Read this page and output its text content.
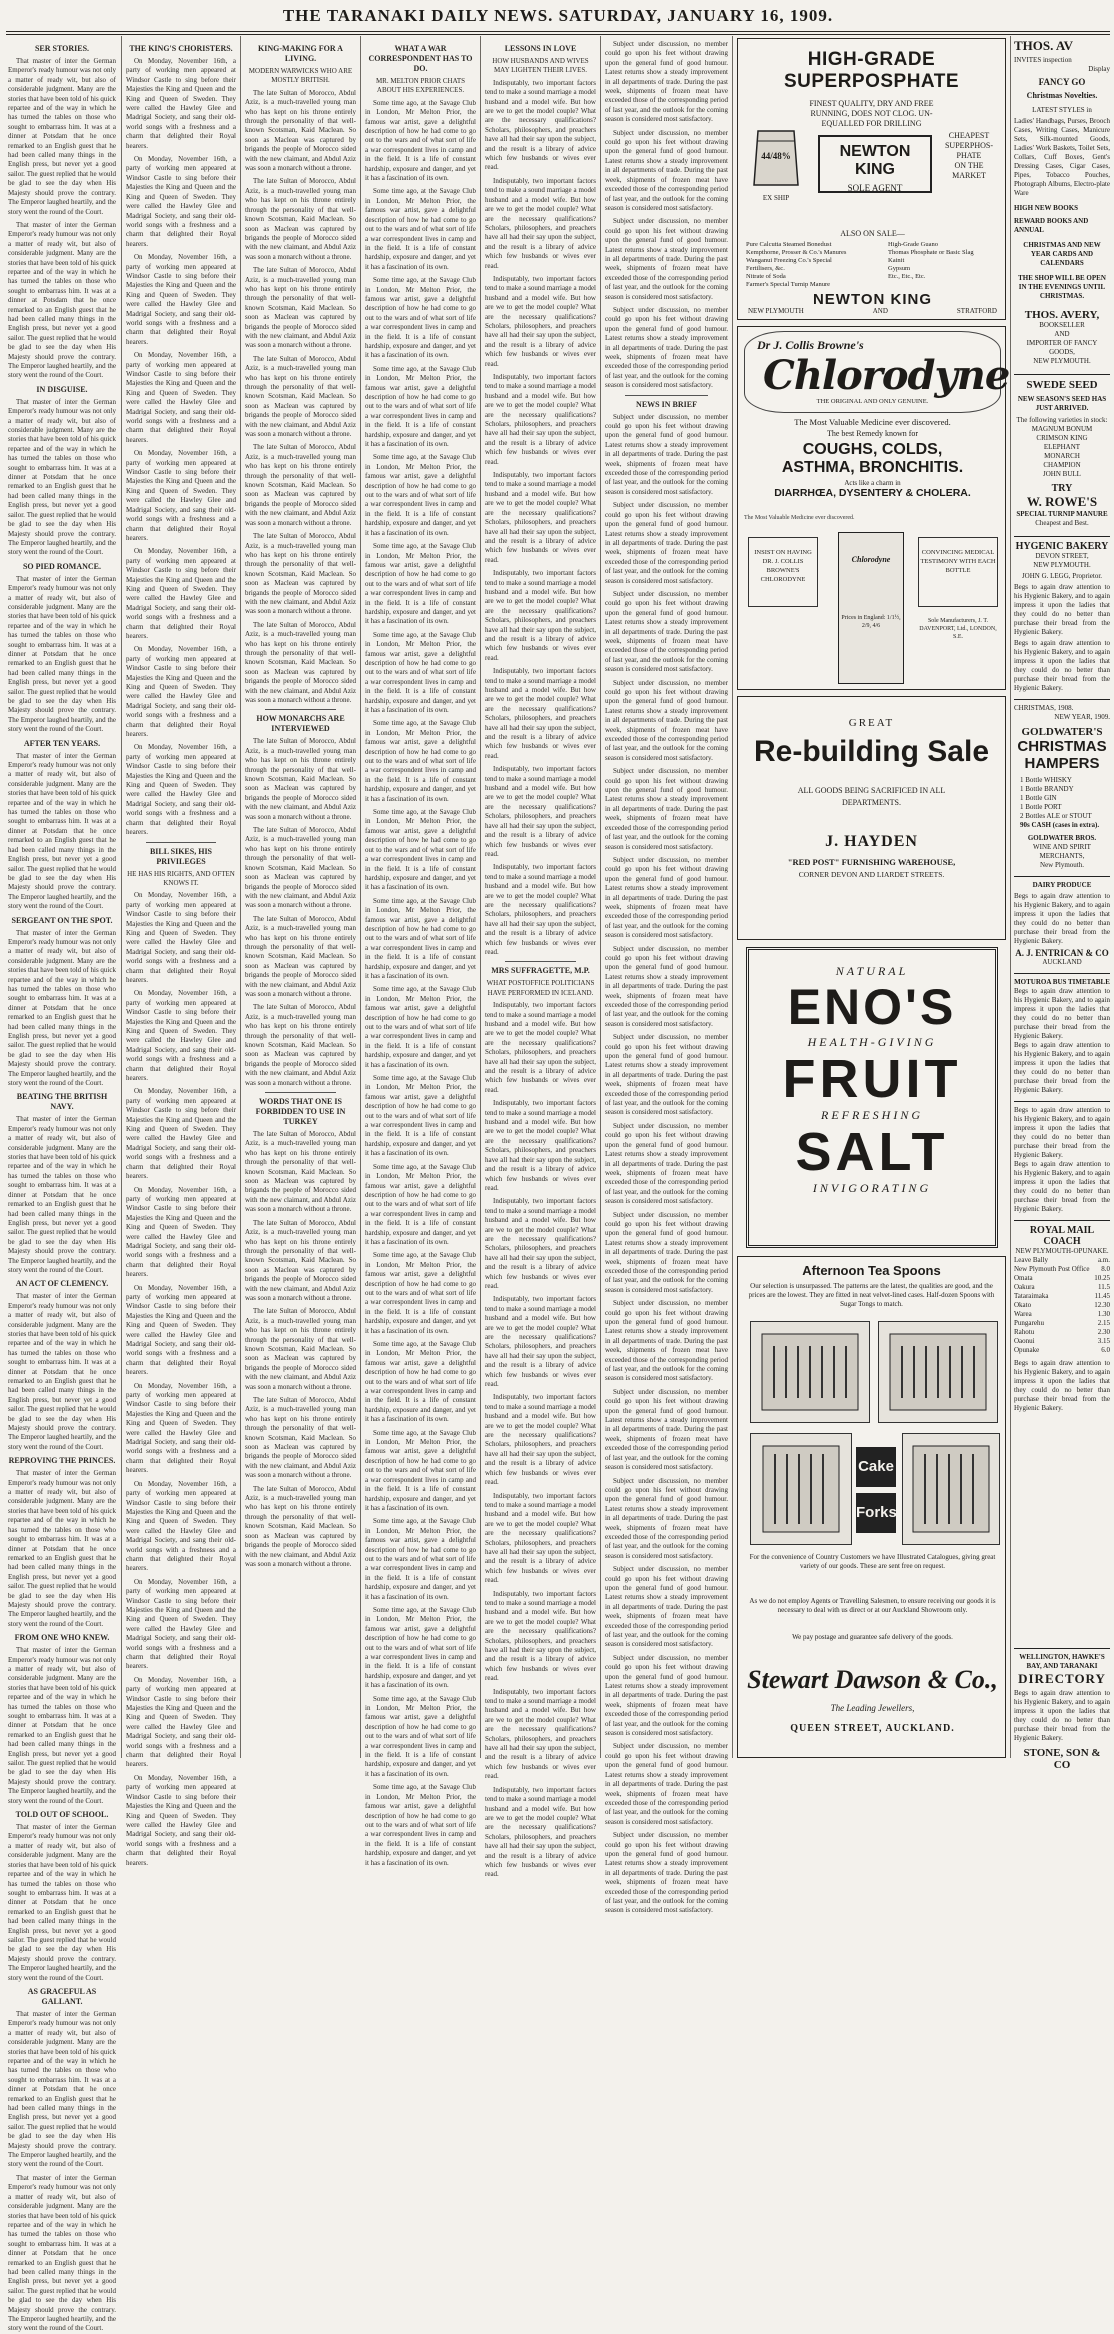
THE TARANAKI DAILY NEWS. SATURDAY, JANUARY 16, 1909.
SER STORIES.

That master of inter the German Emperor's ready humour was not only a matter of ready wit, but also of considerable judgment. Many are the stories that have been told of his quick repartee and of the way in which he has turned the tables on those who sought to embarrass him. It was at a dinner at Potsdam that he once remarked to an English guest that he had been called many things in the English press, but never yet a good sailor. The guest replied that he would be glad to see the day when His Majesty should prove the contrary. The Emperor laughed heartily, and the story went the round of the Court.

That master of inter the German Emperor's ready humour was not only a matter of ready wit, but also of considerable judgment. Many are the stories that have been told of his quick repartee and of the way in which he has turned the tables on those who sought to embarrass him. It was at a dinner at Potsdam that he once remarked to an English guest that he had been called many things in the English press, but never yet a good sailor. The guest replied that he would be glad to see the day when His Majesty should prove the contrary. The Emperor laughed heartily, and the story went the round of the Court.

IN DISGUISE.

That master of inter the German Emperor's ready humour was not only a matter of ready wit, but also of considerable judgment. Many are the stories that have been told of his quick repartee and of the way in which he has turned the tables on those who sought to embarrass him. It was at a dinner at Potsdam that he once remarked to an English guest that he had been called many things in the English press, but never yet a good sailor. The guest replied that he would be glad to see the day when His Majesty should prove the contrary. The Emperor laughed heartily, and the story went the round of the Court.

SO PIED ROMANCE.

That master of inter the German Emperor's ready humour was not only a matter of ready wit, but also of considerable judgment. Many are the stories that have been told of his quick repartee and of the way in which he has turned the tables on those who sought to embarrass him. It was at a dinner at Potsdam that he once remarked to an English guest that he had been called many things in the English press, but never yet a good sailor. The guest replied that he would be glad to see the day when His Majesty should prove the contrary. The Emperor laughed heartily, and the story went the round of the Court.

AFTER TEN YEARS.

That master of inter the German Emperor's ready humour was not only a matter of ready wit, but also of considerable judgment. Many are the stories that have been told of his quick repartee and of the way in which he has turned the tables on those who sought to embarrass him. It was at a dinner at Potsdam that he once remarked to an English guest that he had been called many things in the English press, but never yet a good sailor. The guest replied that he would be glad to see the day when His Majesty should prove the contrary. The Emperor laughed heartily, and the story went the round of the Court.

SERGEANT ON THE SPOT.

That master of inter the German Emperor's ready humour was not only a matter of ready wit, but also of considerable judgment. Many are the stories that have been told of his quick repartee and of the way in which he has turned the tables on those who sought to embarrass him. It was at a dinner at Potsdam that he once remarked to an English guest that he had been called many things in the English press, but never yet a good sailor. The guest replied that he would be glad to see the day when His Majesty should prove the contrary. The Emperor laughed heartily, and the story went the round of the Court.

BEATING THE BRITISH NAVY.

That master of inter the German Emperor's ready humour was not only a matter of ready wit, but also of considerable judgment. Many are the stories that have been told of his quick repartee and of the way in which he has turned the tables on those who sought to embarrass him. It was at a dinner at Potsdam that he once remarked to an English guest that he had been called many things in the English press, but never yet a good sailor. The guest replied that he would be glad to see the day when His Majesty should prove the contrary. The Emperor laughed heartily, and the story went the round of the Court.

AN ACT OF CLEMENCY.

That master of inter the German Emperor's ready humour was not only a matter of ready wit, but also of considerable judgment. Many are the stories that have been told of his quick repartee and of the way in which he has turned the tables on those who sought to embarrass him. It was at a dinner at Potsdam that he once remarked to an English guest that he had been called many things in the English press, but never yet a good sailor. The guest replied that he would be glad to see the day when His Majesty should prove the contrary. The Emperor laughed heartily, and the story went the round of the Court.

REPROVING THE PRINCES.

That master of inter the German Emperor's ready humour was not only a matter of ready wit, but also of considerable judgment. Many are the stories that have been told of his quick repartee and of the way in which he has turned the tables on those who sought to embarrass him. It was at a dinner at Potsdam that he once remarked to an English guest that he had been called many things in the English press, but never yet a good sailor. The guest replied that he would be glad to see the day when His Majesty should prove the contrary. The Emperor laughed heartily, and the story went the round of the Court.

FROM ONE WHO KNEW.

That master of inter the German Emperor's ready humour was not only a matter of ready wit, but also of considerable judgment. Many are the stories that have been told of his quick repartee and of the way in which he has turned the tables on those who sought to embarrass him. It was at a dinner at Potsdam that he once remarked to an English guest that he had been called many things in the English press, but never yet a good sailor. The guest replied that he would be glad to see the day when His Majesty should prove the contrary. The Emperor laughed heartily, and the story went the round of the Court.

TOLD OUT OF SCHOOL.

That master of inter the German Emperor's ready humour was not only a matter of ready wit, but also of considerable judgment. Many are the stories that have been told of his quick repartee and of the way in which he has turned the tables on those who sought to embarrass him. It was at a dinner at Potsdam that he once remarked to an English guest that he had been called many things in the English press, but never yet a good sailor. The guest replied that he would be glad to see the day when His Majesty should prove the contrary. The Emperor laughed heartily, and the story went the round of the Court.

AS GRACEFUL AS GALLANT.

That master of inter the German Emperor's ready humour was not only a matter of ready wit, but also of considerable judgment. Many are the stories that have been told of his quick repartee and of the way in which he has turned the tables on those who sought to embarrass him. It was at a dinner at Potsdam that he once remarked to an English guest that he had been called many things in the English press, but never yet a good sailor. The guest replied that he would be glad to see the day when His Majesty should prove the contrary. The Emperor laughed heartily, and the story went the round of the Court.

That master of inter the German Emperor's ready humour was not only a matter of ready wit, but also of considerable judgment. Many are the stories that have been told of his quick repartee and of the way in which he has turned the tables on those who sought to embarrass him. It was at a dinner at Potsdam that he once remarked to an English guest that he had been called many things in the English press, but never yet a good sailor. The guest replied that he would be glad to see the day when His Majesty should prove the contrary. The Emperor laughed heartily, and the story went the round of the Court.

THE KING'S CHORISTERS.

On Monday, November 16th, a party of working men appeared at Windsor Castle to sing before their Majesties the King and Queen and the King and Queen of Sweden. They were called the Hawley Glee and Madrigal Society, and sang their old-world songs with a freshness and a charm that delighted their Royal hearers.

On Monday, November 16th, a party of working men appeared at Windsor Castle to sing before their Majesties the King and Queen and the King and Queen of Sweden. They were called the Hawley Glee and Madrigal Society, and sang their old-world songs with a freshness and a charm that delighted their Royal hearers.

On Monday, November 16th, a party of working men appeared at Windsor Castle to sing before their Majesties the King and Queen and the King and Queen of Sweden. They were called the Hawley Glee and Madrigal Society, and sang their old-world songs with a freshness and a charm that delighted their Royal hearers.

On Monday, November 16th, a party of working men appeared at Windsor Castle to sing before their Majesties the King and Queen and the King and Queen of Sweden. They were called the Hawley Glee and Madrigal Society, and sang their old-world songs with a freshness and a charm that delighted their Royal hearers.

On Monday, November 16th, a party of working men appeared at Windsor Castle to sing before their Majesties the King and Queen and the King and Queen of Sweden. They were called the Hawley Glee and Madrigal Society, and sang their old-world songs with a freshness and a charm that delighted their Royal hearers.

On Monday, November 16th, a party of working men appeared at Windsor Castle to sing before their Majesties the King and Queen and the King and Queen of Sweden. They were called the Hawley Glee and Madrigal Society, and sang their old-world songs with a freshness and a charm that delighted their Royal hearers.

On Monday, November 16th, a party of working men appeared at Windsor Castle to sing before their Majesties the King and Queen and the King and Queen of Sweden. They were called the Hawley Glee and Madrigal Society, and sang their old-world songs with a freshness and a charm that delighted their Royal hearers.

On Monday, November 16th, a party of working men appeared at Windsor Castle to sing before their Majesties the King and Queen and the King and Queen of Sweden. They were called the Hawley Glee and Madrigal Society, and sang their old-world songs with a freshness and a charm that delighted their Royal hearers.

BILL SIKES, HIS PRIVILEGES
HE HAS HIS RIGHTS, AND OFTEN KNOWS IT.

On Monday, November 16th, a party of working men appeared at Windsor Castle to sing before their Majesties the King and Queen and the King and Queen of Sweden. They were called the Hawley Glee and Madrigal Society, and sang their old-world songs with a freshness and a charm that delighted their Royal hearers.

On Monday, November 16th, a party of working men appeared at Windsor Castle to sing before their Majesties the King and Queen and the King and Queen of Sweden. They were called the Hawley Glee and Madrigal Society, and sang their old-world songs with a freshness and a charm that delighted their Royal hearers.

On Monday, November 16th, a party of working men appeared at Windsor Castle to sing before their Majesties the King and Queen and the King and Queen of Sweden. They were called the Hawley Glee and Madrigal Society, and sang their old-world songs with a freshness and a charm that delighted their Royal hearers.

On Monday, November 16th, a party of working men appeared at Windsor Castle to sing before their Majesties the King and Queen and the King and Queen of Sweden. They were called the Hawley Glee and Madrigal Society, and sang their old-world songs with a freshness and a charm that delighted their Royal hearers.

On Monday, November 16th, a party of working men appeared at Windsor Castle to sing before their Majesties the King and Queen and the King and Queen of Sweden. They were called the Hawley Glee and Madrigal Society, and sang their old-world songs with a freshness and a charm that delighted their Royal hearers.

On Monday, November 16th, a party of working men appeared at Windsor Castle to sing before their Majesties the King and Queen and the King and Queen of Sweden. They were called the Hawley Glee and Madrigal Society, and sang their old-world songs with a freshness and a charm that delighted their Royal hearers.

On Monday, November 16th, a party of working men appeared at Windsor Castle to sing before their Majesties the King and Queen and the King and Queen of Sweden. They were called the Hawley Glee and Madrigal Society, and sang their old-world songs with a freshness and a charm that delighted their Royal hearers.

On Monday, November 16th, a party of working men appeared at Windsor Castle to sing before their Majesties the King and Queen and the King and Queen of Sweden. They were called the Hawley Glee and Madrigal Society, and sang their old-world songs with a freshness and a charm that delighted their Royal hearers.

On Monday, November 16th, a party of working men appeared at Windsor Castle to sing before their Majesties the King and Queen and the King and Queen of Sweden. They were called the Hawley Glee and Madrigal Society, and sang their old-world songs with a freshness and a charm that delighted their Royal hearers.

On Monday, November 16th, a party of working men appeared at Windsor Castle to sing before their Majesties the King and Queen and the King and Queen of Sweden. They were called the Hawley Glee and Madrigal Society, and sang their old-world songs with a freshness and a charm that delighted their Royal hearers.

KING-MAKING FOR A LIVING.
MODERN WARWICKS WHO ARE MOSTLY BRITISH.

The late Sultan of Morocco, Abdul Aziz, is a much-travelled young man who has kept on his throne entirely through the personality of that well-known Scotsman, Kaid Maclean. So soon as Maclean was captured by brigands the people of Morocco sided with the new claimant, and Abdul Aziz was soon a monarch without a throne.

The late Sultan of Morocco, Abdul Aziz, is a much-travelled young man who has kept on his throne entirely through the personality of that well-known Scotsman, Kaid Maclean. So soon as Maclean was captured by brigands the people of Morocco sided with the new claimant, and Abdul Aziz was soon a monarch without a throne.

The late Sultan of Morocco, Abdul Aziz, is a much-travelled young man who has kept on his throne entirely through the personality of that well-known Scotsman, Kaid Maclean. So soon as Maclean was captured by brigands the people of Morocco sided with the new claimant, and Abdul Aziz was soon a monarch without a throne.

The late Sultan of Morocco, Abdul Aziz, is a much-travelled young man who has kept on his throne entirely through the personality of that well-known Scotsman, Kaid Maclean. So soon as Maclean was captured by brigands the people of Morocco sided with the new claimant, and Abdul Aziz was soon a monarch without a throne.

The late Sultan of Morocco, Abdul Aziz, is a much-travelled young man who has kept on his throne entirely through the personality of that well-known Scotsman, Kaid Maclean. So soon as Maclean was captured by brigands the people of Morocco sided with the new claimant, and Abdul Aziz was soon a monarch without a throne.

The late Sultan of Morocco, Abdul Aziz, is a much-travelled young man who has kept on his throne entirely through the personality of that well-known Scotsman, Kaid Maclean. So soon as Maclean was captured by brigands the people of Morocco sided with the new claimant, and Abdul Aziz was soon a monarch without a throne.

The late Sultan of Morocco, Abdul Aziz, is a much-travelled young man who has kept on his throne entirely through the personality of that well-known Scotsman, Kaid Maclean. So soon as Maclean was captured by brigands the people of Morocco sided with the new claimant, and Abdul Aziz was soon a monarch without a throne.

HOW MONARCHS ARE INTERVIEWED

The late Sultan of Morocco, Abdul Aziz, is a much-travelled young man who has kept on his throne entirely through the personality of that well-known Scotsman, Kaid Maclean. So soon as Maclean was captured by brigands the people of Morocco sided with the new claimant, and Abdul Aziz was soon a monarch without a throne.

The late Sultan of Morocco, Abdul Aziz, is a much-travelled young man who has kept on his throne entirely through the personality of that well-known Scotsman, Kaid Maclean. So soon as Maclean was captured by brigands the people of Morocco sided with the new claimant, and Abdul Aziz was soon a monarch without a throne.

The late Sultan of Morocco, Abdul Aziz, is a much-travelled young man who has kept on his throne entirely through the personality of that well-known Scotsman, Kaid Maclean. So soon as Maclean was captured by brigands the people of Morocco sided with the new claimant, and Abdul Aziz was soon a monarch without a throne.

The late Sultan of Morocco, Abdul Aziz, is a much-travelled young man who has kept on his throne entirely through the personality of that well-known Scotsman, Kaid Maclean. So soon as Maclean was captured by brigands the people of Morocco sided with the new claimant, and Abdul Aziz was soon a monarch without a throne.

WORDS THAT ONE IS FORBIDDEN TO USE IN TURKEY

The late Sultan of Morocco, Abdul Aziz, is a much-travelled young man who has kept on his throne entirely through the personality of that well-known Scotsman, Kaid Maclean. So soon as Maclean was captured by brigands the people of Morocco sided with the new claimant, and Abdul Aziz was soon a monarch without a throne.

The late Sultan of Morocco, Abdul Aziz, is a much-travelled young man who has kept on his throne entirely through the personality of that well-known Scotsman, Kaid Maclean. So soon as Maclean was captured by brigands the people of Morocco sided with the new claimant, and Abdul Aziz was soon a monarch without a throne.

The late Sultan of Morocco, Abdul Aziz, is a much-travelled young man who has kept on his throne entirely through the personality of that well-known Scotsman, Kaid Maclean. So soon as Maclean was captured by brigands the people of Morocco sided with the new claimant, and Abdul Aziz was soon a monarch without a throne.

The late Sultan of Morocco, Abdul Aziz, is a much-travelled young man who has kept on his throne entirely through the personality of that well-known Scotsman, Kaid Maclean. So soon as Maclean was captured by brigands the people of Morocco sided with the new claimant, and Abdul Aziz was soon a monarch without a throne.

The late Sultan of Morocco, Abdul Aziz, is a much-travelled young man who has kept on his throne entirely through the personality of that well-known Scotsman, Kaid Maclean. So soon as Maclean was captured by brigands the people of Morocco sided with the new claimant, and Abdul Aziz was soon a monarch without a throne.

WHAT A WAR CORRESPONDENT HAS TO DO.
MR. MELTON PRIOR CHATS ABOUT HIS EXPERIENCES.

Some time ago, at the Savage Club in London, Mr Melton Prior, the famous war artist, gave a delightful description of how he had come to go out to the wars and of what sort of life a war correspondent lives in camp and in the field. It is a life of constant hardship, exposure and danger, and yet it has a fascination of its own.

Some time ago, at the Savage Club in London, Mr Melton Prior, the famous war artist, gave a delightful description of how he had come to go out to the wars and of what sort of life a war correspondent lives in camp and in the field. It is a life of constant hardship, exposure and danger, and yet it has a fascination of its own.

Some time ago, at the Savage Club in London, Mr Melton Prior, the famous war artist, gave a delightful description of how he had come to go out to the wars and of what sort of life a war correspondent lives in camp and in the field. It is a life of constant hardship, exposure and danger, and yet it has a fascination of its own.

Some time ago, at the Savage Club in London, Mr Melton Prior, the famous war artist, gave a delightful description of how he had come to go out to the wars and of what sort of life a war correspondent lives in camp and in the field. It is a life of constant hardship, exposure and danger, and yet it has a fascination of its own.

Some time ago, at the Savage Club in London, Mr Melton Prior, the famous war artist, gave a delightful description of how he had come to go out to the wars and of what sort of life a war correspondent lives in camp and in the field. It is a life of constant hardship, exposure and danger, and yet it has a fascination of its own.

Some time ago, at the Savage Club in London, Mr Melton Prior, the famous war artist, gave a delightful description of how he had come to go out to the wars and of what sort of life a war correspondent lives in camp and in the field. It is a life of constant hardship, exposure and danger, and yet it has a fascination of its own.

Some time ago, at the Savage Club in London, Mr Melton Prior, the famous war artist, gave a delightful description of how he had come to go out to the wars and of what sort of life a war correspondent lives in camp and in the field. It is a life of constant hardship, exposure and danger, and yet it has a fascination of its own.

Some time ago, at the Savage Club in London, Mr Melton Prior, the famous war artist, gave a delightful description of how he had come to go out to the wars and of what sort of life a war correspondent lives in camp and in the field. It is a life of constant hardship, exposure and danger, and yet it has a fascination of its own.

Some time ago, at the Savage Club in London, Mr Melton Prior, the famous war artist, gave a delightful description of how he had come to go out to the wars and of what sort of life a war correspondent lives in camp and in the field. It is a life of constant hardship, exposure and danger, and yet it has a fascination of its own.

Some time ago, at the Savage Club in London, Mr Melton Prior, the famous war artist, gave a delightful description of how he had come to go out to the wars and of what sort of life a war correspondent lives in camp and in the field. It is a life of constant hardship, exposure and danger, and yet it has a fascination of its own.

Some time ago, at the Savage Club in London, Mr Melton Prior, the famous war artist, gave a delightful description of how he had come to go out to the wars and of what sort of life a war correspondent lives in camp and in the field. It is a life of constant hardship, exposure and danger, and yet it has a fascination of its own.

Some time ago, at the Savage Club in London, Mr Melton Prior, the famous war artist, gave a delightful description of how he had come to go out to the wars and of what sort of life a war correspondent lives in camp and in the field. It is a life of constant hardship, exposure and danger, and yet it has a fascination of its own.

Some time ago, at the Savage Club in London, Mr Melton Prior, the famous war artist, gave a delightful description of how he had come to go out to the wars and of what sort of life a war correspondent lives in camp and in the field. It is a life of constant hardship, exposure and danger, and yet it has a fascination of its own.

Some time ago, at the Savage Club in London, Mr Melton Prior, the famous war artist, gave a delightful description of how he had come to go out to the wars and of what sort of life a war correspondent lives in camp and in the field. It is a life of constant hardship, exposure and danger, and yet it has a fascination of its own.

Some time ago, at the Savage Club in London, Mr Melton Prior, the famous war artist, gave a delightful description of how he had come to go out to the wars and of what sort of life a war correspondent lives in camp and in the field. It is a life of constant hardship, exposure and danger, and yet it has a fascination of its own.

Some time ago, at the Savage Club in London, Mr Melton Prior, the famous war artist, gave a delightful description of how he had come to go out to the wars and of what sort of life a war correspondent lives in camp and in the field. It is a life of constant hardship, exposure and danger, and yet it has a fascination of its own.

Some time ago, at the Savage Club in London, Mr Melton Prior, the famous war artist, gave a delightful description of how he had come to go out to the wars and of what sort of life a war correspondent lives in camp and in the field. It is a life of constant hardship, exposure and danger, and yet it has a fascination of its own.

Some time ago, at the Savage Club in London, Mr Melton Prior, the famous war artist, gave a delightful description of how he had come to go out to the wars and of what sort of life a war correspondent lives in camp and in the field. It is a life of constant hardship, exposure and danger, and yet it has a fascination of its own.

Some time ago, at the Savage Club in London, Mr Melton Prior, the famous war artist, gave a delightful description of how he had come to go out to the wars and of what sort of life a war correspondent lives in camp and in the field. It is a life of constant hardship, exposure and danger, and yet it has a fascination of its own.

Some time ago, at the Savage Club in London, Mr Melton Prior, the famous war artist, gave a delightful description of how he had come to go out to the wars and of what sort of life a war correspondent lives in camp and in the field. It is a life of constant hardship, exposure and danger, and yet it has a fascination of its own.

LESSONS IN LOVE
HOW HUSBANDS AND WIVES MAY LIGHTEN THEIR LIVES.

Indisputably, two important factors tend to make a sound marriage a model husband and a model wife. But how are we to get the model couple? What are the necessary qualifications? Scholars, philosophers, and preachers have all had their say upon the subject, and the result is a library of advice which few husbands or wives ever read.

Indisputably, two important factors tend to make a sound marriage a model husband and a model wife. But how are we to get the model couple? What are the necessary qualifications? Scholars, philosophers, and preachers have all had their say upon the subject, and the result is a library of advice which few husbands or wives ever read.

Indisputably, two important factors tend to make a sound marriage a model husband and a model wife. But how are we to get the model couple? What are the necessary qualifications? Scholars, philosophers, and preachers have all had their say upon the subject, and the result is a library of advice which few husbands or wives ever read.

Indisputably, two important factors tend to make a sound marriage a model husband and a model wife. But how are we to get the model couple? What are the necessary qualifications? Scholars, philosophers, and preachers have all had their say upon the subject, and the result is a library of advice which few husbands or wives ever read.

Indisputably, two important factors tend to make a sound marriage a model husband and a model wife. But how are we to get the model couple? What are the necessary qualifications? Scholars, philosophers, and preachers have all had their say upon the subject, and the result is a library of advice which few husbands or wives ever read.

Indisputably, two important factors tend to make a sound marriage a model husband and a model wife. But how are we to get the model couple? What are the necessary qualifications? Scholars, philosophers, and preachers have all had their say upon the subject, and the result is a library of advice which few husbands or wives ever read.

Indisputably, two important factors tend to make a sound marriage a model husband and a model wife. But how are we to get the model couple? What are the necessary qualifications? Scholars, philosophers, and preachers have all had their say upon the subject, and the result is a library of advice which few husbands or wives ever read.

Indisputably, two important factors tend to make a sound marriage a model husband and a model wife. But how are we to get the model couple? What are the necessary qualifications? Scholars, philosophers, and preachers have all had their say upon the subject, and the result is a library of advice which few husbands or wives ever read.

Indisputably, two important factors tend to make a sound marriage a model husband and a model wife. But how are we to get the model couple? What are the necessary qualifications? Scholars, philosophers, and preachers have all had their say upon the subject, and the result is a library of advice which few husbands or wives ever read.

MRS SUFFRAGETTE, M.P.
WHAT POSTOFFICE POLITICIANS HAVE PERFORMED IN ICELAND.

Indisputably, two important factors tend to make a sound marriage a model husband and a model wife. But how are we to get the model couple? What are the necessary qualifications? Scholars, philosophers, and preachers have all had their say upon the subject, and the result is a library of advice which few husbands or wives ever read.

Indisputably, two important factors tend to make a sound marriage a model husband and a model wife. But how are we to get the model couple? What are the necessary qualifications? Scholars, philosophers, and preachers have all had their say upon the subject, and the result is a library of advice which few husbands or wives ever read.

Indisputably, two important factors tend to make a sound marriage a model husband and a model wife. But how are we to get the model couple? What are the necessary qualifications? Scholars, philosophers, and preachers have all had their say upon the subject, and the result is a library of advice which few husbands or wives ever read.

Indisputably, two important factors tend to make a sound marriage a model husband and a model wife. But how are we to get the model couple? What are the necessary qualifications? Scholars, philosophers, and preachers have all had their say upon the subject, and the result is a library of advice which few husbands or wives ever read.

Indisputably, two important factors tend to make a sound marriage a model husband and a model wife. But how are we to get the model couple? What are the necessary qualifications? Scholars, philosophers, and preachers have all had their say upon the subject, and the result is a library of advice which few husbands or wives ever read.

Indisputably, two important factors tend to make a sound marriage a model husband and a model wife. But how are we to get the model couple? What are the necessary qualifications? Scholars, philosophers, and preachers have all had their say upon the subject, and the result is a library of advice which few husbands or wives ever read.

Indisputably, two important factors tend to make a sound marriage a model husband and a model wife. But how are we to get the model couple? What are the necessary qualifications? Scholars, philosophers, and preachers have all had their say upon the subject, and the result is a library of advice which few husbands or wives ever read.

Indisputably, two important factors tend to make a sound marriage a model husband and a model wife. But how are we to get the model couple? What are the necessary qualifications? Scholars, philosophers, and preachers have all had their say upon the subject, and the result is a library of advice which few husbands or wives ever read.

Indisputably, two important factors tend to make a sound marriage a model husband and a model wife. But how are we to get the model couple? What are the necessary qualifications? Scholars, philosophers, and preachers have all had their say upon the subject, and the result is a library of advice which few husbands or wives ever read.

Subject under discussion, no member could go upon his feet without drawing upon the general fund of good humour. Latest returns show a steady improvement in all departments of trade. During the past week, shipments of frozen meat have exceeded those of the corresponding period of last year, and the outlook for the coming season is considered most satisfactory.

Subject under discussion, no member could go upon his feet without drawing upon the general fund of good humour. Latest returns show a steady improvement in all departments of trade. During the past week, shipments of frozen meat have exceeded those of the corresponding period of last year, and the outlook for the coming season is considered most satisfactory.

Subject under discussion, no member could go upon his feet without drawing upon the general fund of good humour. Latest returns show a steady improvement in all departments of trade. During the past week, shipments of frozen meat have exceeded those of the corresponding period of last year, and the outlook for the coming season is considered most satisfactory.

Subject under discussion, no member could go upon his feet without drawing upon the general fund of good humour. Latest returns show a steady improvement in all departments of trade. During the past week, shipments of frozen meat have exceeded those of the corresponding period of last year, and the outlook for the coming season is considered most satisfactory.

NEWS IN BRIEF

Subject under discussion, no member could go upon his feet without drawing upon the general fund of good humour. Latest returns show a steady improvement in all departments of trade. During the past week, shipments of frozen meat have exceeded those of the corresponding period of last year, and the outlook for the coming season is considered most satisfactory.

Subject under discussion, no member could go upon his feet without drawing upon the general fund of good humour. Latest returns show a steady improvement in all departments of trade. During the past week, shipments of frozen meat have exceeded those of the corresponding period of last year, and the outlook for the coming season is considered most satisfactory.

Subject under discussion, no member could go upon his feet without drawing upon the general fund of good humour. Latest returns show a steady improvement in all departments of trade. During the past week, shipments of frozen meat have exceeded those of the corresponding period of last year, and the outlook for the coming season is considered most satisfactory.

Subject under discussion, no member could go upon his feet without drawing upon the general fund of good humour. Latest returns show a steady improvement in all departments of trade. During the past week, shipments of frozen meat have exceeded those of the corresponding period of last year, and the outlook for the coming season is considered most satisfactory.

Subject under discussion, no member could go upon his feet without drawing upon the general fund of good humour. Latest returns show a steady improvement in all departments of trade. During the past week, shipments of frozen meat have exceeded those of the corresponding period of last year, and the outlook for the coming season is considered most satisfactory.

Subject under discussion, no member could go upon his feet without drawing upon the general fund of good humour. Latest returns show a steady improvement in all departments of trade. During the past week, shipments of frozen meat have exceeded those of the corresponding period of last year, and the outlook for the coming season is considered most satisfactory.

Subject under discussion, no member could go upon his feet without drawing upon the general fund of good humour. Latest returns show a steady improvement in all departments of trade. During the past week, shipments of frozen meat have exceeded those of the corresponding period of last year, and the outlook for the coming season is considered most satisfactory.

Subject under discussion, no member could go upon his feet without drawing upon the general fund of good humour. Latest returns show a steady improvement in all departments of trade. During the past week, shipments of frozen meat have exceeded those of the corresponding period of last year, and the outlook for the coming season is considered most satisfactory.

Subject under discussion, no member could go upon his feet without drawing upon the general fund of good humour. Latest returns show a steady improvement in all departments of trade. During the past week, shipments of frozen meat have exceeded those of the corresponding period of last year, and the outlook for the coming season is considered most satisfactory.

Subject under discussion, no member could go upon his feet without drawing upon the general fund of good humour. Latest returns show a steady improvement in all departments of trade. During the past week, shipments of frozen meat have exceeded those of the corresponding period of last year, and the outlook for the coming season is considered most satisfactory.

Subject under discussion, no member could go upon his feet without drawing upon the general fund of good humour. Latest returns show a steady improvement in all departments of trade. During the past week, shipments of frozen meat have exceeded those of the corresponding period of last year, and the outlook for the coming season is considered most satisfactory.

Subject under discussion, no member could go upon his feet without drawing upon the general fund of good humour. Latest returns show a steady improvement in all departments of trade. During the past week, shipments of frozen meat have exceeded those of the corresponding period of last year, and the outlook for the coming season is considered most satisfactory.

Subject under discussion, no member could go upon his feet without drawing upon the general fund of good humour. Latest returns show a steady improvement in all departments of trade. During the past week, shipments of frozen meat have exceeded those of the corresponding period of last year, and the outlook for the coming season is considered most satisfactory.

Subject under discussion, no member could go upon his feet without drawing upon the general fund of good humour. Latest returns show a steady improvement in all departments of trade. During the past week, shipments of frozen meat have exceeded those of the corresponding period of last year, and the outlook for the coming season is considered most satisfactory.

Subject under discussion, no member could go upon his feet without drawing upon the general fund of good humour. Latest returns show a steady improvement in all departments of trade. During the past week, shipments of frozen meat have exceeded those of the corresponding period of last year, and the outlook for the coming season is considered most satisfactory.

Subject under discussion, no member could go upon his feet without drawing upon the general fund of good humour. Latest returns show a steady improvement in all departments of trade. During the past week, shipments of frozen meat have exceeded those of the corresponding period of last year, and the outlook for the coming season is considered most satisfactory.

Subject under discussion, no member could go upon his feet without drawing upon the general fund of good humour. Latest returns show a steady improvement in all departments of trade. During the past week, shipments of frozen meat have exceeded those of the corresponding period of last year, and the outlook for the coming season is considered most satisfactory.

HIGH-GRADE SUPERPOSPHATE
FINEST QUALITY, DRY AND FREE
RUNNING, DOES NOT CLOG. UN-
EQUALLED FOR DRILLING
44/48%
EX SHIP
NEWTON KING
SOLE AGENT
CHEAPEST
SUPERPHOS-
PHATE
ON THE
MARKET
ALSO ON SALE—
Pure Calcutta Steamed Bonedust
Kempthorne, Prosser & Co.'s Manures
Wanganui Freezing Co.'s Special
Fertilisers, &c.
Nitrate of Soda
Farmer's Special Turnip Manure
High-Grade Guano
Thomas Phosphate or Basic Slag
Kainit
Gypsum
Etc., Etc., Etc.
NEWTON KING
NEW PLYMOUTH	AND	STRATFORD
Dr J. Collis Browne's
Chlorodyne
THE ORIGINAL AND ONLY GENUINE.
The Most Valuable Medicine ever discovered.
The best Remedy known for
COUGHS, COLDS,
ASTHMA, BRONCHITIS.
Acts like a charm in
DIARRHŒA, DYSENTERY & CHOLERA.
The Most Valuable Medicine ever discovered.
INSIST ON HAVING DR. J. COLLIS BROWNE'S CHLORODYNE
Chlorodyne
Prices in England: 1/1½, 2/9, 4/6
CONVINCING MEDICAL TESTIMONY WITH EACH BOTTLE
Sole Manufacturers, J. T. DAVENPORT, Ltd., LONDON, S.E.
GREAT
Re-building Sale
ALL GOODS BEING SACRIFICED IN ALL DEPARTMENTS.
J. HAYDEN
"RED POST" FURNISHING WAREHOUSE,
CORNER DEVON AND LIARDET STREETS.
NATURAL
ENO'S
HEALTH-GIVING
FRUIT
REFRESHING
SALT
INVIGORATING
Afternoon Tea Spoons
Our selection is unsurpassed. The patterns are the latest, the qualities are good, and the prices are the lowest. They are fitted in neat velvet-lined cases. Half-dozen Spoons with Sugar Tongs to match.
Cake
Forks
For the convenience of Country Customers we have Illustrated Catalogues, giving great variety of our goods. These are sent free on request.
As we do not employ Agents or Travelling Salesmen, to ensure receiving our goods it is necessary to deal with us direct or at our Auckland Showroom only.
We pay postage and guarantee safe delivery of the goods.
Stewart Dawson & Co.,
The Leading Jewellers,
QUEEN STREET, AUCKLAND.
THOS. AV
INVITES inspection
Display
FANCY GO
Christmas Novelties.
LATEST STYLES in
Ladies' Handbags, Purses, Brooch Cases, Writing Cases, Manicure Sets, Silk-mounted Goods, Ladies' Work Baskets, Toilet Sets, Collars, Cuff Boxes, Gent's Dressing Cases, Cigar Cases, Pipes, Tobacco Pouches, Photograph Albums, Electro-plate Ware
HIGH NEW BOOKS
REWARD BOOKS AND ANNUAL
CHRISTMAS AND NEW YEAR CARDS AND CALENDARS
THE SHOP WILL BE OPEN IN THE EVENINGS UNTIL CHRISTMAS.
THOS. AVERY,
BOOKSELLER
AND
IMPORTER OF FANCY GOODS,
NEW PLYMOUTH.
SWEDE SEED
NEW SEASON'S SEED HAS JUST ARRIVED.
The following varieties in stock:
MAGNUM BONUM
CRIMSON KING
ELEPHANT
MONARCH
CHAMPION
JOHN BULL
TRY
W. ROWE'S
SPECIAL TURNIP MANURE
Cheapest and Best.
HYGENIC BAKERY
DEVON STREET,
NEW PLYMOUTH.
JOHN G. LEGG, Proprietor.
Begs to again draw attention to his Hygienic Bakery, and to again impress it upon the ladies that they could do no better than purchase their bread from the Hygienic Bakery.
Begs to again draw attention to his Hygienic Bakery, and to again impress it upon the ladies that they could do no better than purchase their bread from the Hygienic Bakery.
CHRISTMAS, 1908.
NEW YEAR, 1909.
GOLDWATER'S
CHRISTMAS
HAMPERS
1 Bottle WHISKY
1 Bottle BRANDY
1 Bottle GIN
1 Bottle PORT
2 Bottles ALE or STOUT
90s CASH (cases in extra).
GOLDWATER BROS.
WINE AND SPIRIT MERCHANTS,
New Plymouth.
DAIRY PRODUCE
Begs to again draw attention to his Hygienic Bakery, and to again impress it upon the ladies that they could do no better than purchase their bread from the Hygienic Bakery.
A. J. ENTRICAN & CO
AUCKLAND
MOTUROA BUS TIMETABLE
Begs to again draw attention to his Hygienic Bakery, and to again impress it upon the ladies that they could do no better than purchase their bread from the Hygienic Bakery.
Begs to again draw attention to his Hygienic Bakery, and to again impress it upon the ladies that they could do no better than purchase their bread from the Hygienic Bakery.
Begs to again draw attention to his Hygienic Bakery, and to again impress it upon the ladies that they could do no better than purchase their bread from the Hygienic Bakery.
Begs to again draw attention to his Hygienic Bakery, and to again impress it upon the ladies that they could do no better than purchase their bread from the Hygienic Bakery.
ROYAL MAIL COACH
NEW PLYMOUTH-OPUNAKE.
Leave Bally	a.m.
New Plymouth Post Office 8.0
Omata	10.25
Oakura	11.5
Tataraimaka	11.45
Okato	12.30
Warea	1.30
Pungarehu	2.15
Rahotu	2.30
Oaonui	3.15
Opunake	6.0
Begs to again draw attention to his Hygienic Bakery, and to again impress it upon the ladies that they could do no better than purchase their bread from the Hygienic Bakery.
WELLINGTON, HAWKE'S BAY, AND TARANAKI
DIRECTORY
Begs to again draw attention to his Hygienic Bakery, and to again impress it upon the ladies that they could do no better than purchase their bread from the Hygienic Bakery.
STONE, SON & CO
